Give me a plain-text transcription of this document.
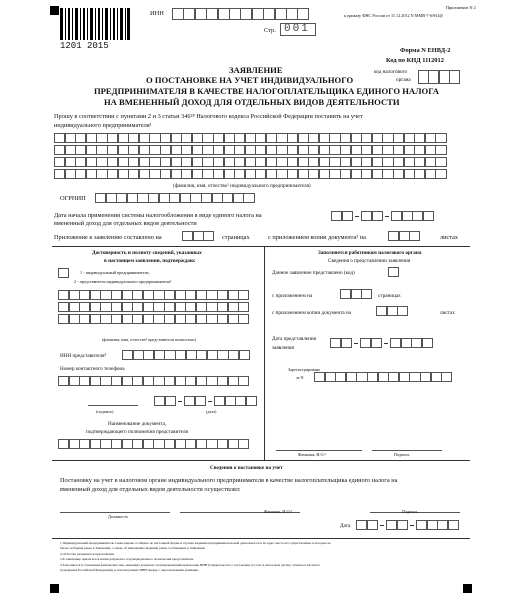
1201 2015
ИНН
Стр. 001
Приложение N 2
к приказу ФНС России от 11.12.2012 N ММВ-7-6/941@
Форма N ЕНВД-2
Код по КНД 1112012
код налогового
органа
ЗАЯВЛЕНИЕ
О ПОСТАНОВКЕ НА УЧЕТ ИНДИВИДУАЛЬНОГО
ПРЕДПРИНИМАТЕЛЯ В КАЧЕСТВЕ НАЛОГОПЛАТЕЛЬЩИКА ЕДИНОГО НАЛОГА
НА ВМЕНЕННЫЙ ДОХОД ДЛЯ ОТДЕЛЬНЫХ ВИДОВ ДЕЯТЕЛЬНОСТИ
Прошу в соответствии с пунктами 2 и 3 статьи 346²⁸ Налогового кодекса Российской Федерации поставить на учет
индивидуального предпринимателя¹
(фамилия, имя, отчество² индивидуального предпринимателя)
ОГРНИП
Дата начала применения системы налогообложения в виде единого налога на
вмененный доход для отдельных видов деятельности
Приложение к заявлению составлено на	страницах	с приложением копии документа³ на	листах
Достоверность и полноту сведений, указанных
в настоящем заявлении, подтверждаю:
1 - индивидуальный предприниматель;
2 - представитель индивидуального предпринимателя³
(фамилия, имя, отчество² представителя полностью)
ИНН представителя⁴
Номер контактного телефона
(подпись)	(дата)
Наименование документа,
подтверждающего полномочия представителя
Заполняется работником налогового органа
Сведения о представлении заявления
Данное заявление представлено (код)
с приложением на	страницах
с приложением копии документа на	листах
Дата представления
заявления
Зарегистрировано
за N
Фамилия, И.О.²	Подпись
Сведения о постановке на учет
Постановку на учет в налоговом органе индивидуального предпринимателя в качестве налогоплательщика единого налога на
вмененный доход для отдельных видов деятельности осуществлял:
Должность
Фамилия, И.О.²	Подпись
Дата
1 Индивидуальный предприниматель также вправе сообщить по настоящей форме в случаях ведения предпринимательской деятельности в её адрес места её осуществления, в которых не
были сообщены ранее в Заявлении, а также об изменении сведений, ранее сообщенных в Заявлении
2 Отчество указывается при наличии.
3 К заявлению прилагается копия документа, подтверждающего полномочия представителя.
4 Заполняется в отношении физических лиц, имеющих документ, подтверждающий присвоение ИНН (Свидетельство о постановке на учет в налоговом органе, отметка в паспорте
гражданина Российской Федерации), и использующих ИНН наряду с персональными данными.
